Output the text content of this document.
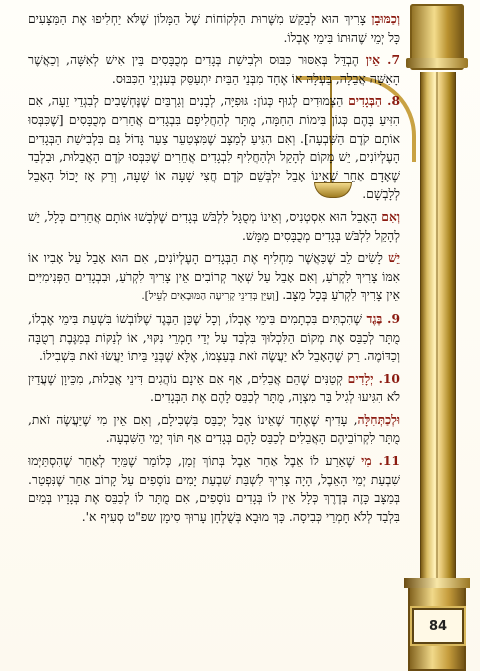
84

וְכַמּוּבָן צָרִיךְ הוּא לְבַקֵּשׁ מִשֶּׁרוּת הַלְּקוֹחוֹת שֶׁל הַמָּלוֹן שֶׁלֹּא יַחְלִיפוּ אֶת הַמַּצָּעִים כָּל יְמֵי שֶׁהוּתוֹ בִּימֵי אֶבְלוֹ.

7. אֵין הֶבְדֵּל בְּאִסּוּר כִּבּוּס וּלְבִישַׁת בְּגָדִים מְכֻבָּסִים בֵּין אִישׁ לְאִשָּׁה, וְכַאֲשֶׁר הָאִשָּׁה אֲבֵלָה, בַּעְלָהּ אוֹ אֶחָד מִבְּנֵי הַבַּיִת יִתְעַסֵּק בְּעִנְיְנֵי הַכִּבּוּס.

8. הַבְּגָדִים הַצְּמוּדִים לְגוּף כְּגוֹן: גּוּפִיָּה, לְבָנִים וְגַרְבַּיִם שֶׁנֶּחְשָׁבִים לְבִגְדֵי זֵעָה, אִם הִזִּיעַ בָּהֶם כְּגוֹן בִּימוֹת הַחַמָּה, מֻתָּר לְהַחֲלִיפָם בִּבְגָדִים אֲחֵרִים מְכֻבָּסִים [שֶׁכִּבְּסוּ אוֹתָם קֹדֶם הַשִּׁבְעָה]. וְאִם הִגִּיעַ לְמַצָּב שֶׁמִּצְטַעֵר צַעַר גָּדוֹל גַּם בִּלְבִישַׁת הַבְּגָדִים הָעֶלְיוֹנִים, יֵשׁ מָקוֹם לְהָקֵל וּלְהַחֲלִיף לִבְגָדִים אֲחֵרִים שֶׁכִּבְּסוּ קֹדֶם הָאֲבֵלוּת, וּבִלְבַד שֶׁאָדָם אַחֵר שֶׁאֵינוֹ אָבֵל יִלְבְּשֵׁם קֹדֶם חֲצִי שָׁעָה אוֹ שָׁעָה, וְרַק אָז יָכוֹל הָאָבֵל לְלָבְשָׁם.

וְאִם הָאָבֵל הוּא אִסְטְנִיס, וְאֵינוֹ מְסֻגָּל לִלְבֹּשׁ בְּגָדִים שֶׁלְּבָשׁוּ אוֹתָם אֲחֵרִים כְּלָל, יֵשׁ לְהָקֵל לִלְבֹּשׁ בְּגָדִים מְכֻבָּסִים מַמָּשׁ.

יֵשׁ לָשִׂים לֵב שֶׁכַּאֲשֶׁר מַחְלִיף אֶת הַבְּגָדִים הָעֶלְיוֹנִים, אִם הוּא אָבֵל עַל אָבִיו אוֹ אִמּוֹ צָרִיךְ לִקְרֹעַ, וְאִם אָבֵל עַל שְׁאָר קְרוֹבִים אֵין צָרִיךְ לִקְרֹעַ, וּבִבְגָדִים הַפְּנִימִיִּים אֵין צָרִיךְ לִקְרֹעַ בְּכָל מַצָּב. [וְעַיֵּן בְּדִינֵי קְרִיעָה הַמּוּבָאִים לְעֵיל].

9. בֶּגֶד שֶׁהִכְתִּים בִּכְתָמִים בִּימֵי אֶבְלוֹ, וְכָל שֶׁכֵּן הַבֶּגֶד שֶׁלּוֹבְשׁוֹ בִּשְׁעַת בִּימֵי אֶבְלוֹ, מֻתָּר לְכַבֵּס אֶת מְקוֹם הַלִּכְלוּךְ בִּלְבַד עַל יְדֵי חָמְרֵי נִקּוּי, אוֹ לְנַקּוֹת בְּמַגֶּבֶת רְטֻבָּה וְכַדּוֹמֶה. רַק שֶׁהָאָבֵל לֹא יַעֲשֶׂה זֹאת בְּעַצְמוֹ, אֶלָּא שֶׁבְּנֵי בֵּיתוֹ יַעֲשׂוּ זֹאת בִּשְׁבִילוֹ.

10. יְלָדִים קְטַנִּים שֶׁהֵם אֲבֵלִים, אַף אִם אֵינָם נוֹהֲגִים דִּינֵי אֲבֵלוּת, מִכֵּיוָן שֶׁעֲדַיִן לֹא הִגִּיעוּ לְגִיל בַּר מִצְוָה, מֻתָּר לְכַבֵּס לָהֶם אֶת הַבְּגָדִים.

וּלְכַתְּחִלָּה, עָדִיף שֶׁאֶחָד שֶׁאֵינוֹ אָבֵל יְכַבֵּס בִּשְׁבִילָם, וְאִם אֵין מִי שֶׁיַּעֲשֶׂה זֹאת, מֻתָּר לִקְרוֹבֵיהֶם הָאֲבֵלִים לְכַבֵּס לָהֶם בְּגָדִים אַף תּוֹךְ יְמֵי הַשִּׁבְעָה.

11. מִי שֶׁאֵרַע לוֹ אֵבֶל אַחַר אֵבֶל בְּתוֹךְ זְמַן, כְּלוֹמַר שֶׁמֵּיַד לְאַחַר שֶׁהִסְתַּיְּמוּ שִׁבְעַת יְמֵי הָאֵבֶל, הָיָה צָרִיךְ לִשְׁבַּת שִׁבְעַת יָמִים נוֹסָפִים עַל קָרוֹב אַחֵר שֶׁנִּפְטַר. בְּמַצָּב כָּזֶה בְּדֶרֶךְ כְּלָל אֵין לוֹ בְּגָדִים נוֹסָפִים, אִם מֻתָּר לוֹ לְכַבֵּס אֶת בְּגָדָיו בְּמַיִם בִּלְבַד לְלֹא חָמְרֵי כְּבִיסָה. כָּךְ מוּבָא בְּשֻׁלְחָן עָרוּךְ סִימָן שפ"ט סְעִיף א'.
